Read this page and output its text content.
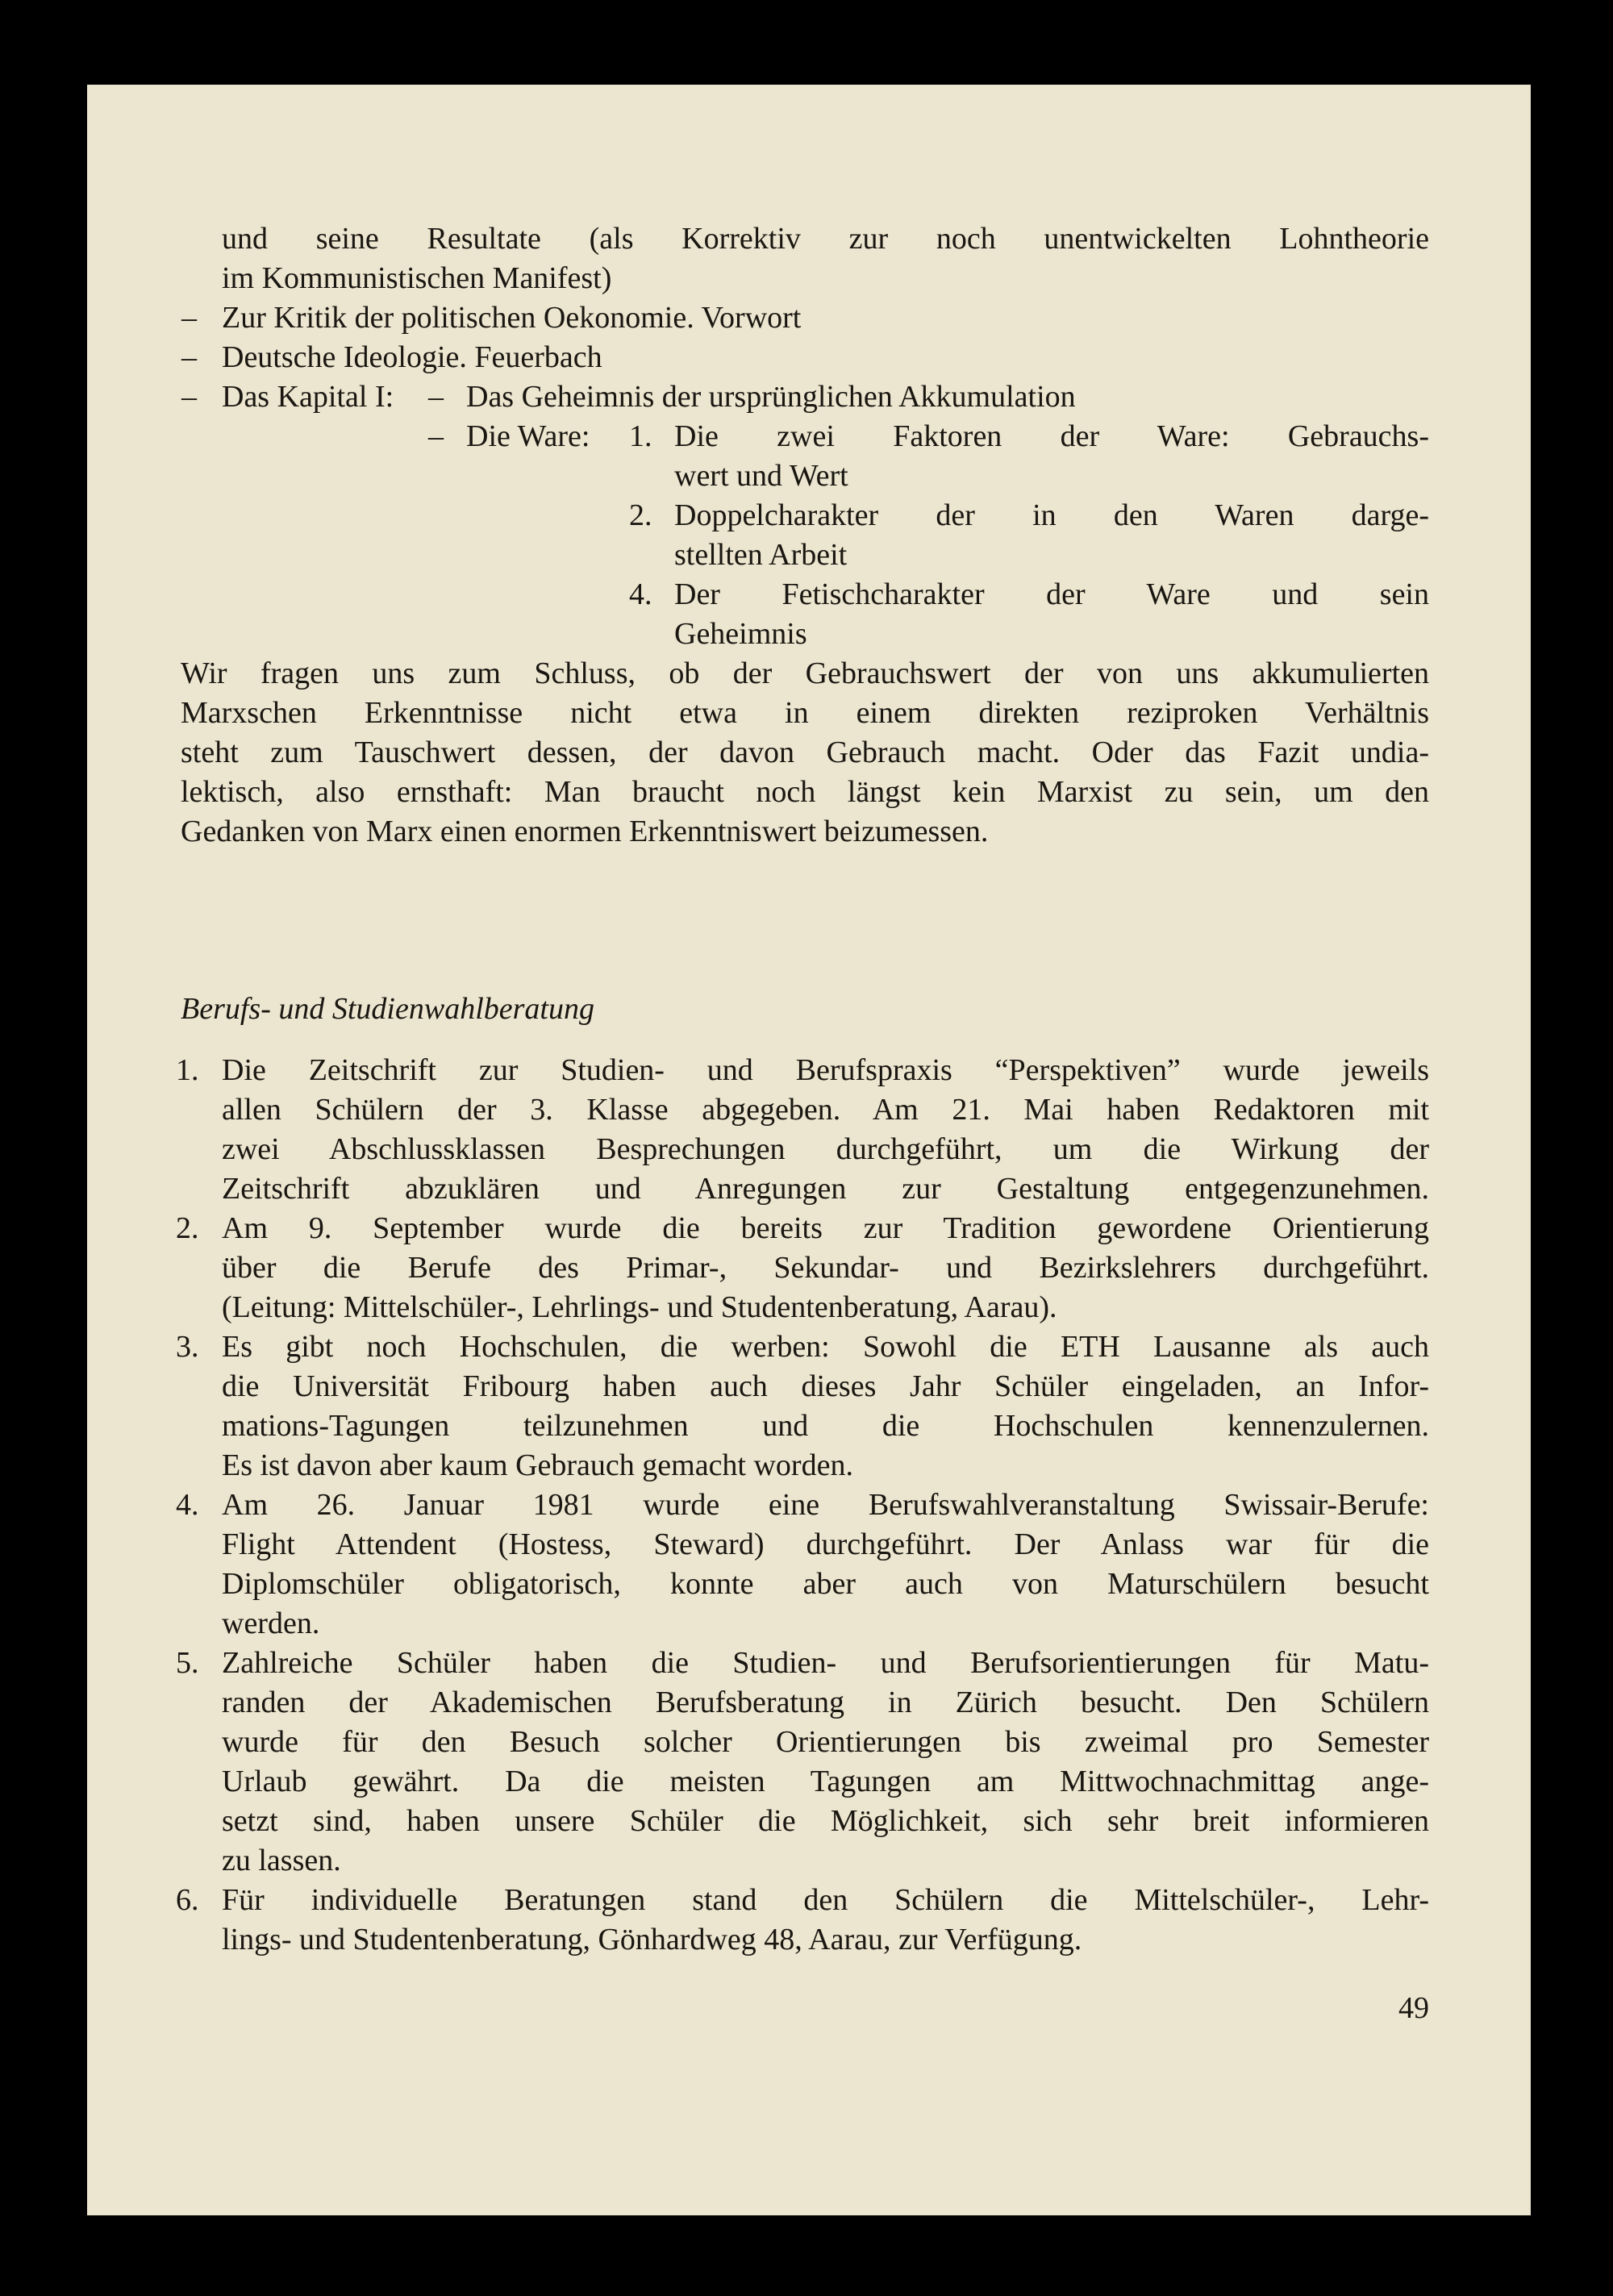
und seine Resultate (als Korrektiv zur noch unentwickelten Lohntheorie
im Kommunistischen Manifest)
– Zur Kritik der politischen Oekonomie. Vorwort
– Deutsche Ideologie. Feuerbach
– Das Kapital I: – Das Geheimnis der ursprünglichen Akkumulation
– Die Ware: 1. Die zwei Faktoren der Ware: Gebrauchs-
wert und Wert
2. Doppelcharakter der in den Waren darge-
stellten Arbeit
4. Der Fetischcharakter der Ware und sein
Geheimnis
Wir fragen uns zum Schluss, ob der Gebrauchswert der von uns akkumulierten
Marxschen Erkenntnisse nicht etwa in einem direkten reziproken Verhältnis
steht zum Tauschwert dessen, der davon Gebrauch macht. Oder das Fazit undia-
lektisch, also ernsthaft: Man braucht noch längst kein Marxist zu sein, um den
Gedanken von Marx einen enormen Erkenntniswert beizumessen.
Berufs- und Studienwahlberatung
1. Die Zeitschrift zur Studien- und Berufspraxis “Perspektiven” wurde jeweils
allen Schülern der 3. Klasse abgegeben. Am 21. Mai haben Redaktoren mit
zwei Abschlussklassen Besprechungen durchgeführt, um die Wirkung der
Zeitschrift abzuklären und Anregungen zur Gestaltung entgegenzunehmen.
2. Am 9. September wurde die bereits zur Tradition gewordene Orientierung
über die Berufe des Primar-, Sekundar- und Bezirkslehrers durchgeführt.
(Leitung: Mittelschüler-, Lehrlings- und Studentenberatung, Aarau).
3. Es gibt noch Hochschulen, die werben: Sowohl die ETH Lausanne als auch
die Universität Fribourg haben auch dieses Jahr Schüler eingeladen, an Infor-
mations-Tagungen teilzunehmen und die Hochschulen kennenzulernen.
Es ist davon aber kaum Gebrauch gemacht worden.
4. Am 26. Januar 1981 wurde eine Berufswahlveranstaltung Swissair-Berufe:
Flight Attendent (Hostess, Steward) durchgeführt. Der Anlass war für die
Diplomschüler obligatorisch, konnte aber auch von Maturschülern besucht
werden.
5. Zahlreiche Schüler haben die Studien- und Berufsorientierungen für Matu-
randen der Akademischen Berufsberatung in Zürich besucht. Den Schülern
wurde für den Besuch solcher Orientierungen bis zweimal pro Semester
Urlaub gewährt. Da die meisten Tagungen am Mittwochnachmittag ange-
setzt sind, haben unsere Schüler die Möglichkeit, sich sehr breit informieren
zu lassen.
6. Für individuelle Beratungen stand den Schülern die Mittelschüler-, Lehr-
lings- und Studentenberatung, Gönhardweg 48, Aarau, zur Verfügung.
49
